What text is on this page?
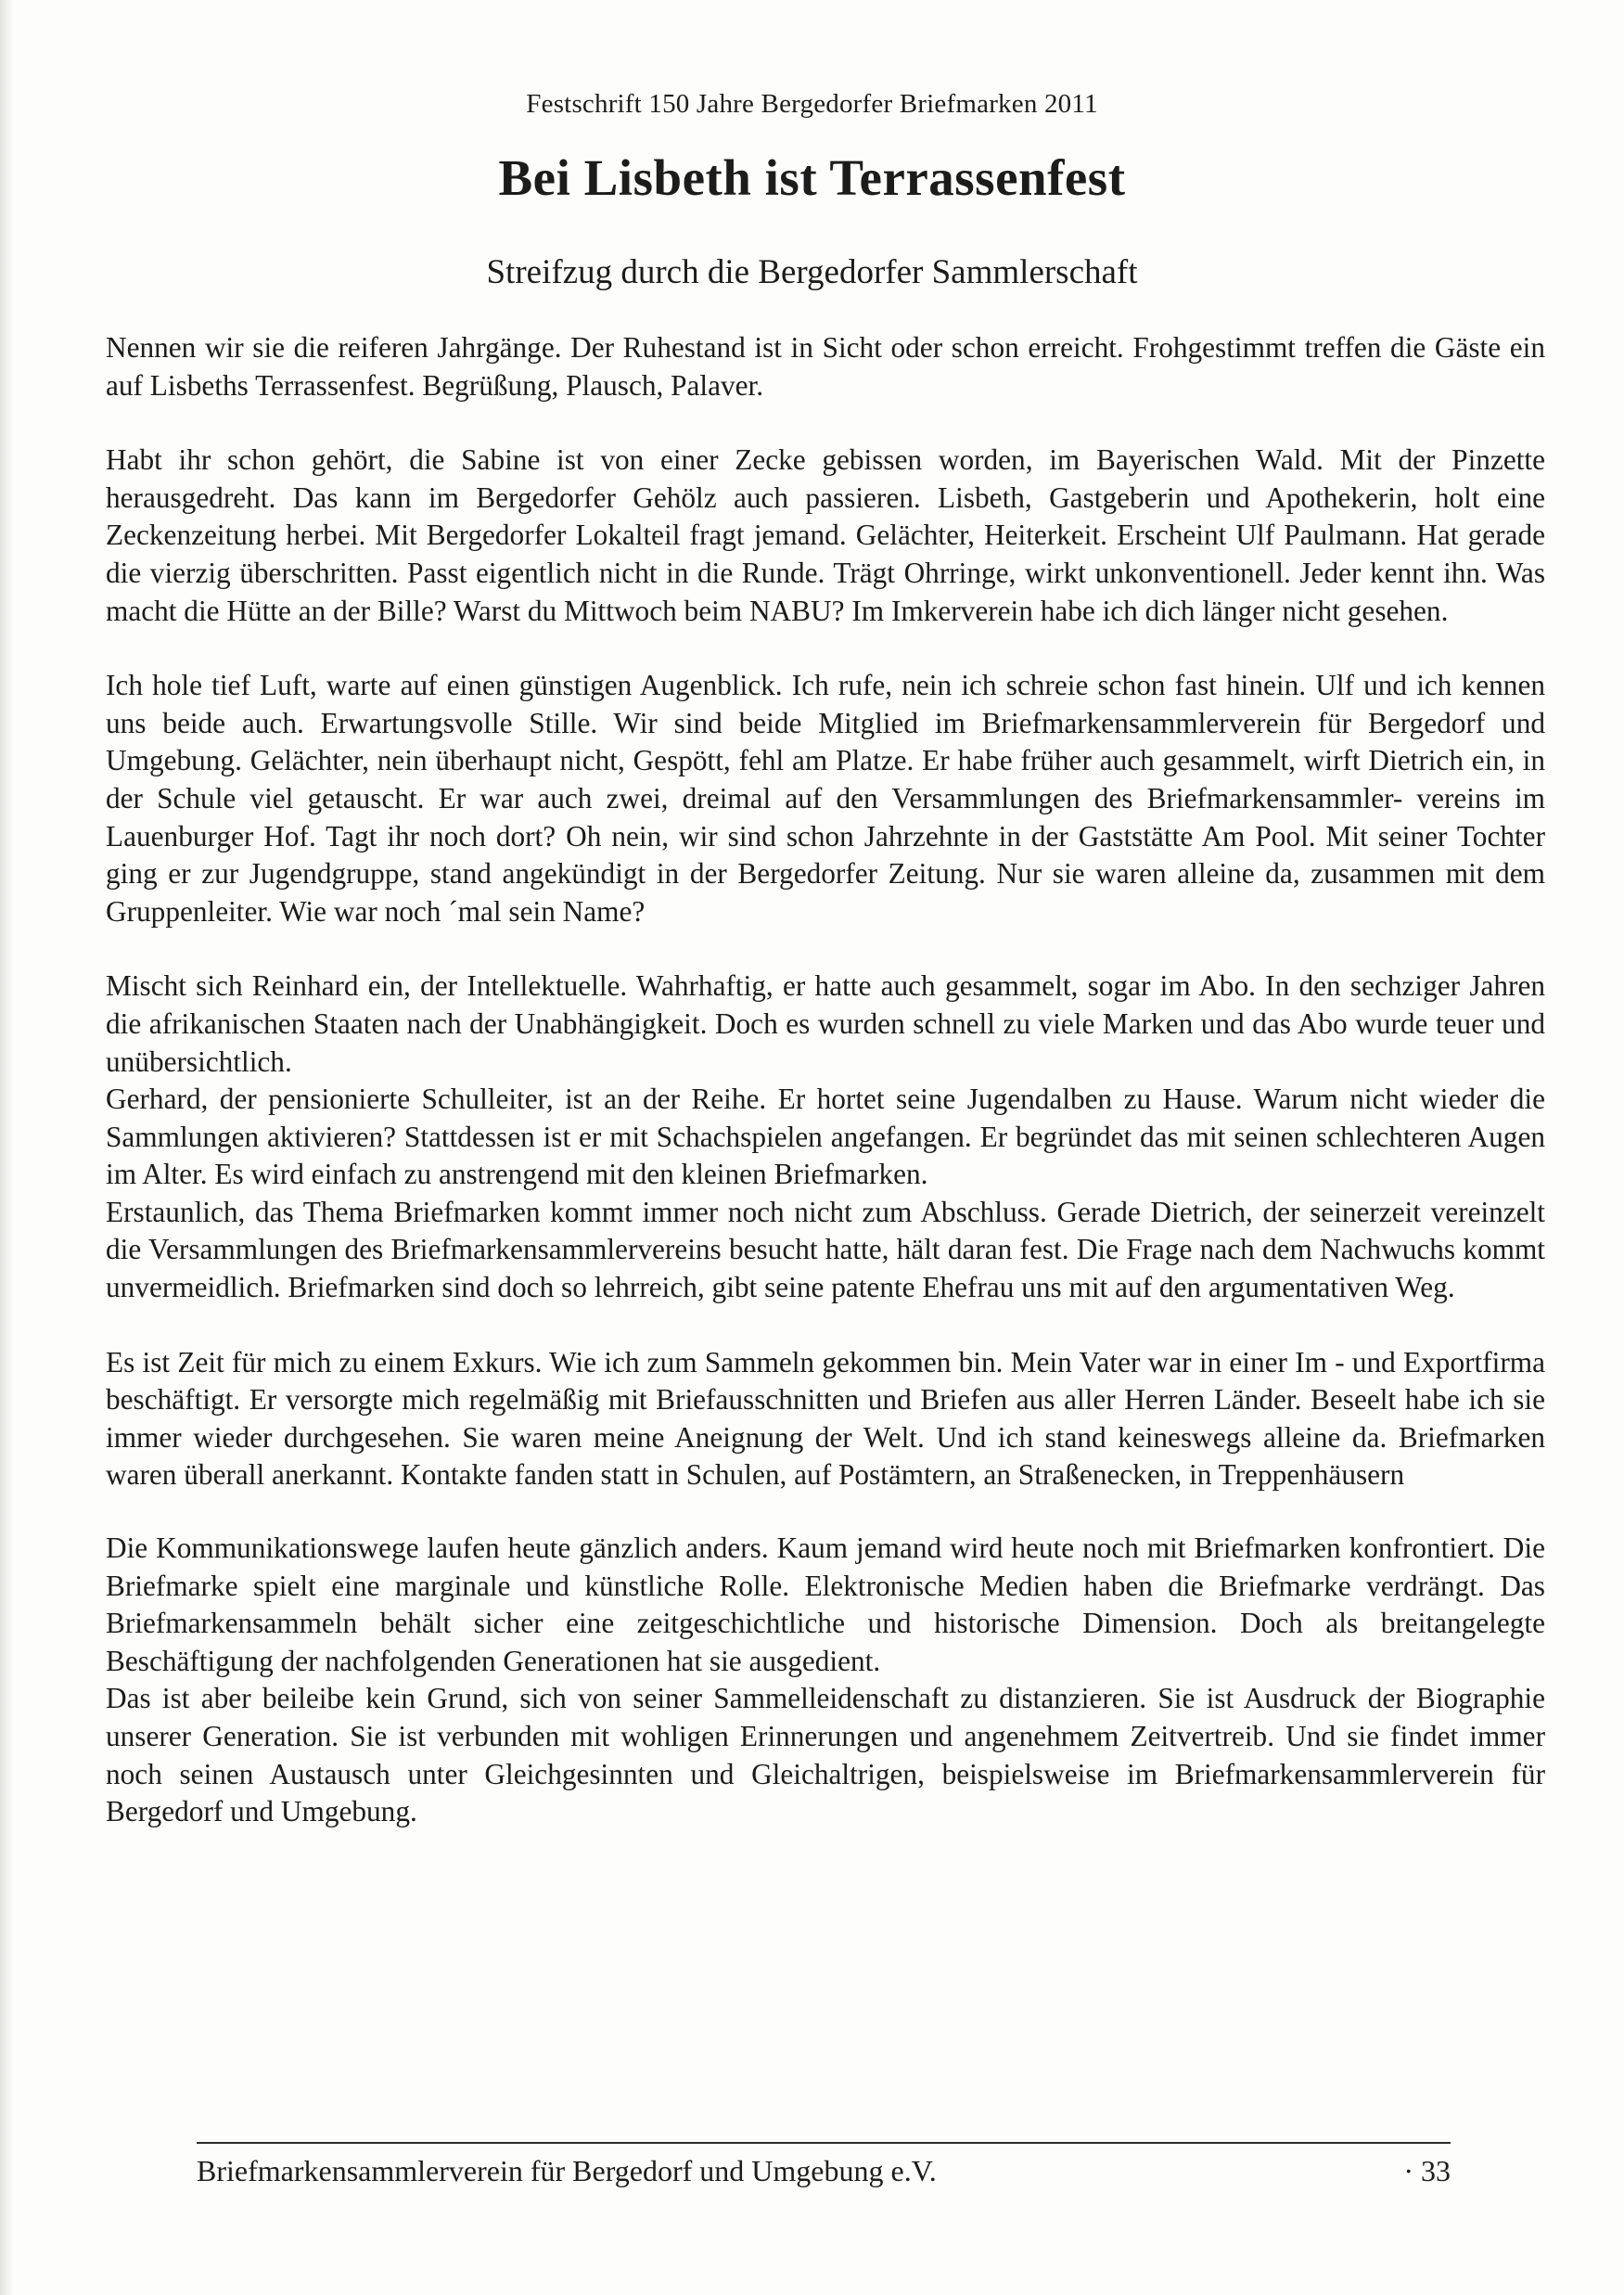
Festschrift 150 Jahre Bergedorfer Briefmarken 2011
Bei Lisbeth ist Terrassenfest
Streifzug durch die Bergedorfer Sammlerschaft

Nennen wir sie die reiferen Jahrgänge. Der Ruhestand ist in Sicht oder schon erreicht. Frohgestimmt treffen die Gäste ein auf Lisbeths Terrassenfest. Begrüßung, Plausch, Palaver.

Habt ihr schon gehört, die Sabine ist von einer Zecke gebissen worden, im Bayerischen Wald. Mit der Pinzette herausgedreht. Das kann im Bergedorfer Gehölz auch passieren. Lisbeth, Gastgeberin und Apothekerin, holt eine Zeckenzeitung herbei. Mit Bergedorfer Lokalteil fragt jemand. Gelächter, Heiterkeit. Erscheint Ulf Paulmann. Hat gerade die vierzig überschritten. Passt eigentlich nicht in die Runde. Trägt Ohrringe, wirkt unkonventionell. Jeder kennt ihn. Was macht die Hütte an der Bille? Warst du Mittwoch beim NABU? Im Imkerverein habe ich dich länger nicht gesehen.

Ich hole tief Luft, warte auf einen günstigen Augenblick. Ich rufe, nein ich schreie schon fast hinein. Ulf und ich kennen uns beide auch. Erwartungsvolle Stille. Wir sind beide Mitglied im Briefmarkensammlerverein für Bergedorf und Umgebung. Gelächter, nein überhaupt nicht, Gespött, fehl am Platze. Er habe früher auch gesammelt, wirft Dietrich ein, in der Schule viel getauscht. Er war auch zwei, dreimal auf den Versammlungen des Briefmarkensammler- vereins im Lauenburger Hof. Tagt ihr noch dort? Oh nein, wir sind schon Jahrzehnte in der Gaststätte Am Pool. Mit seiner Tochter ging er zur Jugendgruppe, stand angekündigt in der Bergedorfer Zeitung. Nur sie waren alleine da, zusammen mit dem Gruppenleiter. Wie war noch ´mal sein Name?

Mischt sich Reinhard ein, der Intellektuelle. Wahrhaftig, er hatte auch gesammelt, sogar im Abo. In den sechziger Jahren die afrikanischen Staaten nach der Unabhängigkeit. Doch es wurden schnell zu viele Marken und das Abo wurde teuer und unübersichtlich.

Gerhard, der pensionierte Schulleiter, ist an der Reihe. Er hortet seine Jugendalben zu Hause. Warum nicht wieder die Sammlungen aktivieren? Stattdessen ist er mit Schachspielen angefangen. Er begründet das mit seinen schlechteren Augen im Alter. Es wird einfach zu anstrengend mit den kleinen Briefmarken.

Erstaunlich, das Thema Briefmarken kommt immer noch nicht zum Abschluss. Gerade Dietrich, der seinerzeit vereinzelt die Versammlungen des Briefmarkensammlervereins besucht hatte, hält daran fest. Die Frage nach dem Nachwuchs kommt unvermeidlich. Briefmarken sind doch so lehrreich, gibt seine patente Ehefrau uns mit auf den argumentativen Weg.

Es ist Zeit für mich zu einem Exkurs. Wie ich zum Sammeln gekommen bin. Mein Vater war in einer Im - und Exportfirma beschäftigt. Er versorgte mich regelmäßig mit Briefausschnitten und Briefen aus aller Herren Länder. Beseelt habe ich sie immer wieder durchgesehen. Sie waren meine Aneignung der Welt. Und ich stand keineswegs alleine da. Briefmarken waren überall anerkannt. Kontakte fanden statt in Schulen, auf Postämtern, an Straßenecken, in Treppenhäusern

Die Kommunikationswege laufen heute gänzlich anders. Kaum jemand wird heute noch mit Briefmarken konfrontiert. Die Briefmarke spielt eine marginale und künstliche Rolle. Elektronische Medien haben die Briefmarke verdrängt. Das Briefmarkensammeln behält sicher eine zeitgeschichtliche und historische Dimension. Doch als breitangelegte Beschäftigung der nachfolgenden Generationen hat sie ausgedient.

Das ist aber beileibe kein Grund, sich von seiner Sammelleidenschaft zu distanzieren. Sie ist Ausdruck der Biographie unserer Generation. Sie ist verbunden mit wohligen Erinnerungen und angenehmem Zeitvertreib. Und sie findet immer noch seinen Austausch unter Gleichgesinnten und Gleichaltrigen, beispielsweise im Briefmarkensammlerverein für Bergedorf und Umgebung.

Briefmarkensammlerverein für Bergedorf und Umgebung e.V.	· 33
